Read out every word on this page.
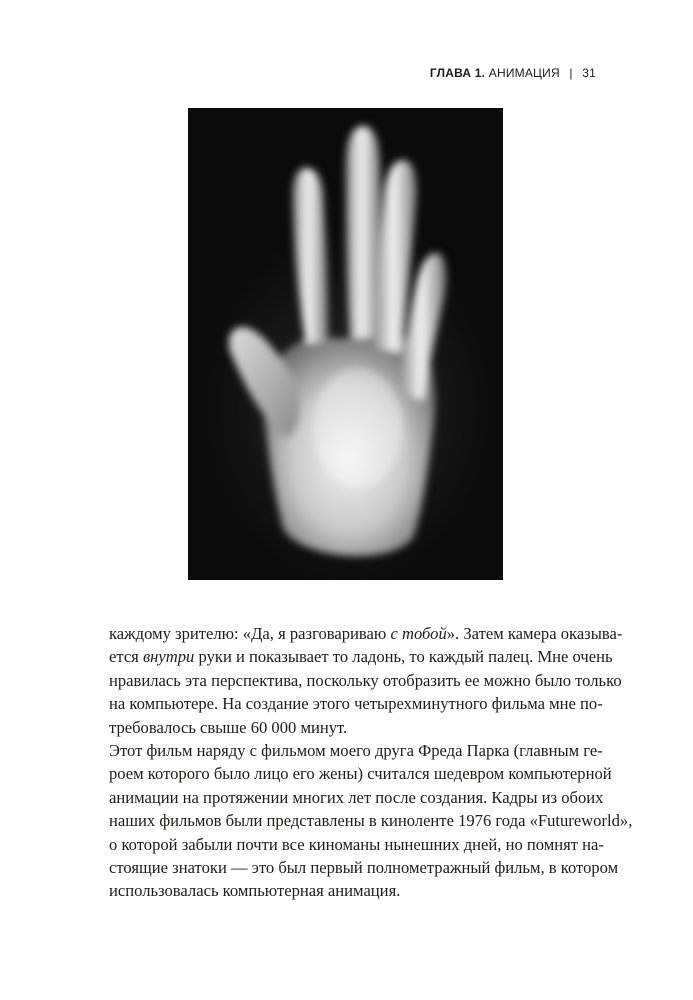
ГЛАВА 1. АНИМАЦИЯ | 31

каждому зрителю: «Да, я разговариваю с тобой». Затем камера оказыва-
ется внутри руки и показывает то ладонь, то каждый палец. Мне очень
нравилась эта перспектива, поскольку отобразить ее можно было только
на компьютере. На создание этого четырехминутного фильма мне по-
требовалось свыше 60 000 минут.

Этот фильм наряду с фильмом моего друга Фреда Парка (главным ге-
роем которого было лицо его жены) считался шедевром компьютерной
анимации на протяжении многих лет после создания. Кадры из обоих
наших фильмов были представлены в киноленте 1976 года «Futureworld»,
о которой забыли почти все киноманы нынешних дней, но помнят на-
стоящие знатоки — это был первый полнометражный фильм, в котором
использовалась компьютерная анимация.
